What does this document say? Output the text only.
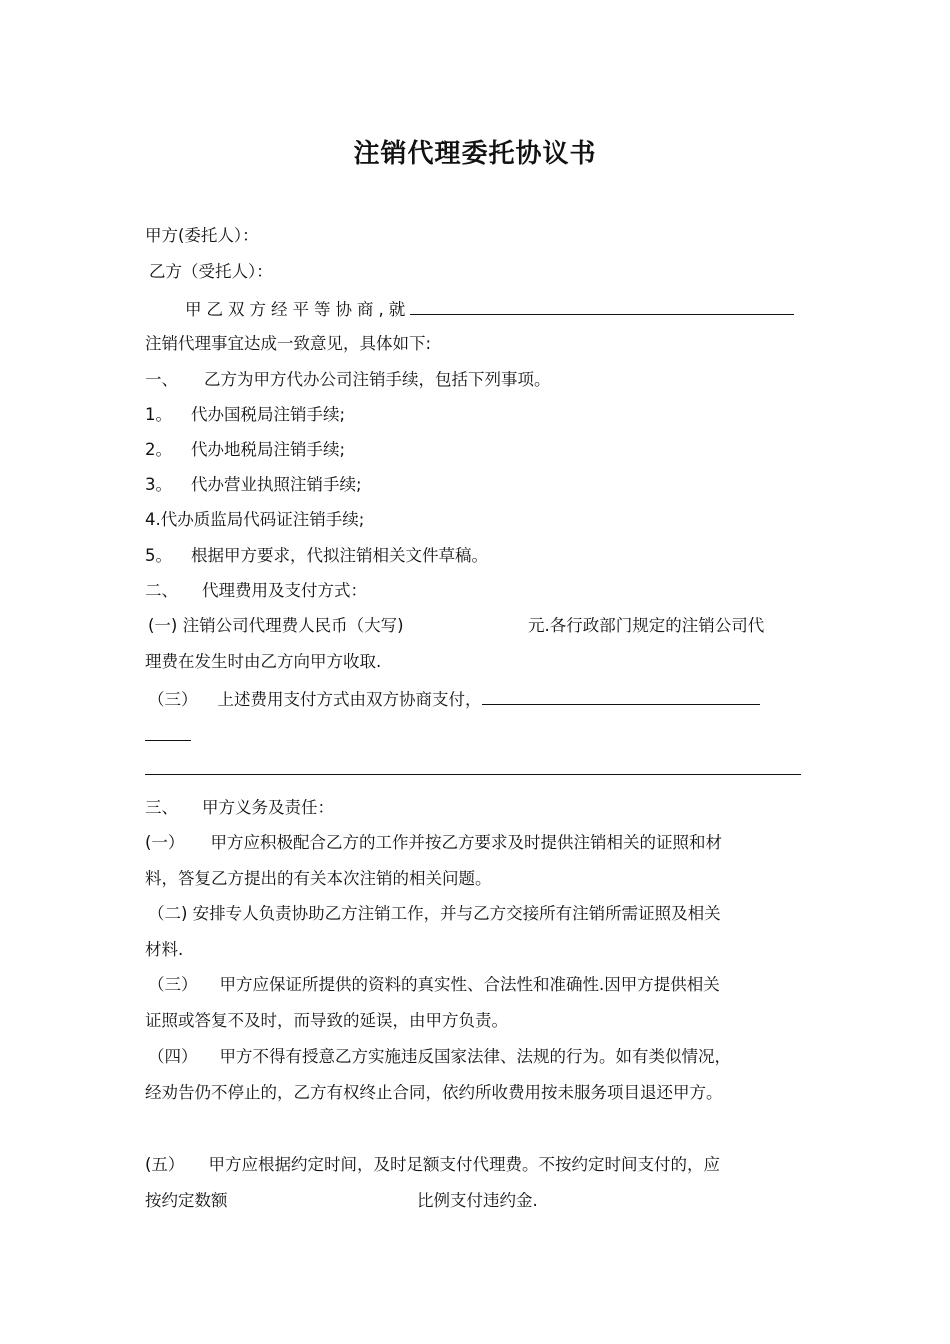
注销代理委托协议书
甲方(委托人）：
乙方（受托人）：
甲乙双方经平等协商,就
注销代理事宜达成一致意见，具体如下:
一、 乙方为甲方代办公司注销手续，包括下列事项。
1。 代办国税局注销手续;
2。 代办地税局注销手续;
3。 代办营业执照注销手续;
4.代办质监局代码证注销手续;
5。 根据甲方要求，代拟注销相关文件草稿。
二、 代理费用及支付方式：
(一) 注销公司代理费人民币（大写)	元.各行政部门规定的注销公司代
理费在发生时由乙方向甲方收取.
（三） 上述费用支付方式由双方协商支付，
三、 甲方义务及责任：
(一） 甲方应积极配合乙方的工作并按乙方要求及时提供注销相关的证照和材
料，答复乙方提出的有关本次注销的相关问题。
（二) 安排专人负责协助乙方注销工作，并与乙方交接所有注销所需证照及相关
材料.
（三） 甲方应保证所提供的资料的真实性、合法性和准确性.因甲方提供相关
证照或答复不及时，而导致的延误，由甲方负责。
（四） 甲方不得有授意乙方实施违反国家法律、法规的行为。如有类似情况，
经劝告仍不停止的，乙方有权终止合同，依约所收费用按未服务项目退还甲方。
(五） 甲方应根据约定时间，及时足额支付代理费。不按约定时间支付的，应
按约定数额	比例支付违约金.
